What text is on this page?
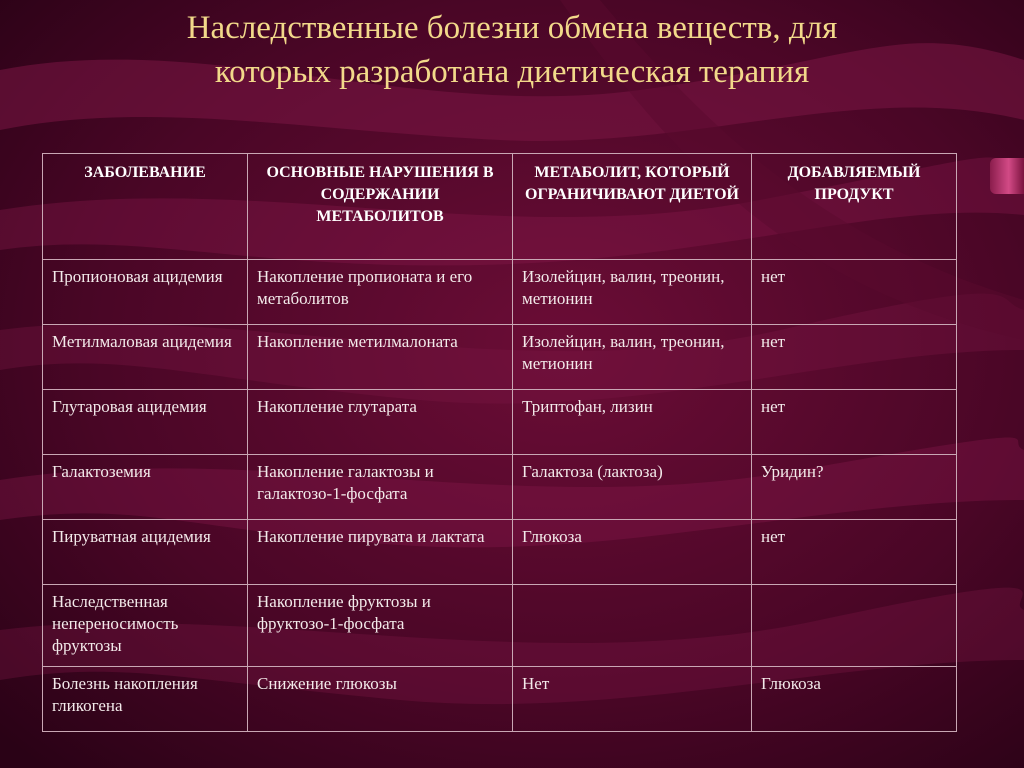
Наследственные болезни обмена веществ, для
которых разработана диетическая терапия
ЗАБОЛЕВАНИЕ	ОСНОВНЫЕ НАРУШЕНИЯ В СОДЕРЖАНИИ МЕТАБОЛИТОВ	МЕТАБОЛИТ, КОТОРЫЙ ОГРАНИЧИВАЮТ ДИЕТОЙ	ДОБАВЛЯЕМЫЙ ПРОДУКТ
Пропионовая ацидемия	Накопление пропионата и его метаболитов	Изолейцин, валин, треонин, метионин	нет
Метилмаловая ацидемия	Накопление метилмалоната	Изолейцин, валин, треонин, метионин	нет
Глутаровая ацидемия	Накопление глутарата	Триптофан, лизин	нет
Галактоземия	Накопление галактозы и галактозо-1-фосфата	Галактоза (лактоза)	Уридин?
Пируватная ацидемия	Накопление пирувата и лактата	Глюкоза	нет
Наследственная непереносимость фруктозы	Накопление фруктозы и фруктозо-1-фосфата		
Болезнь накопления гликогена	Снижение глюкозы	Нет	Глюкоза
